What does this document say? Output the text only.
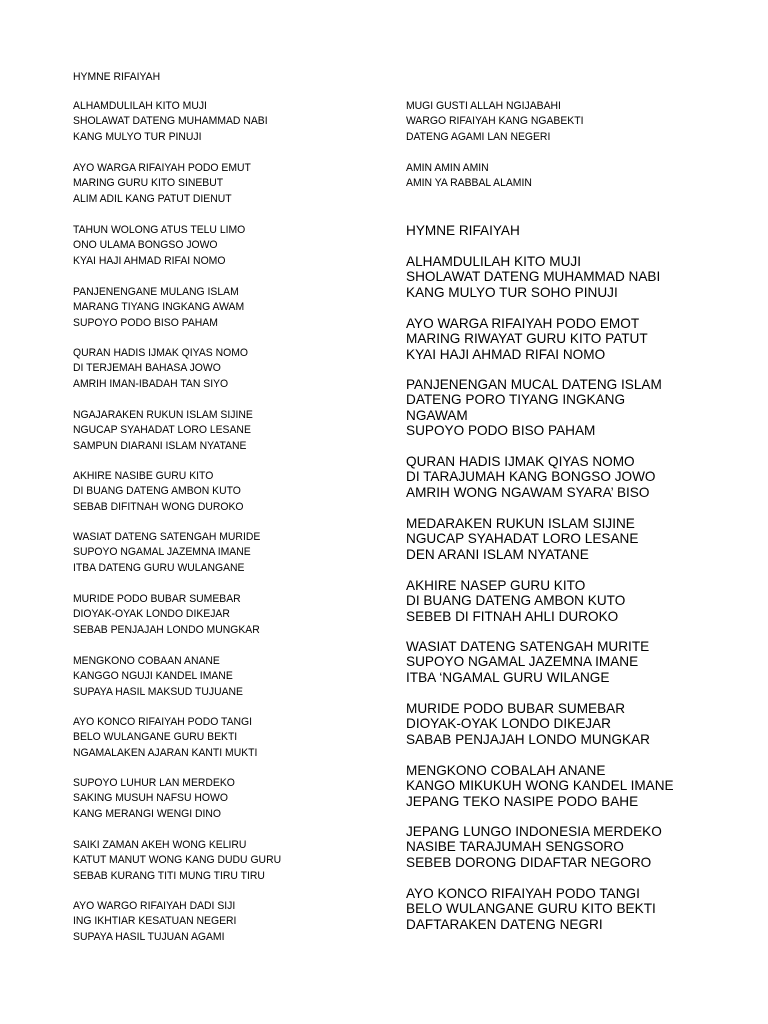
HYMNE RIFAIYAH
ALHAMDULILAH KITO MUJI
SHOLAWAT DATENG MUHAMMAD NABI
KANG MULYO TUR PINUJI
AYO WARGA RIFAIYAH PODO EMUT
MARING GURU KITO SINEBUT
ALIM ADIL KANG PATUT DIENUT
TAHUN WOLONG ATUS TELU LIMO
ONO ULAMA BONGSO JOWO
KYAI HAJI AHMAD RIFAI NOMO
PANJENENGANE MULANG ISLAM
MARANG TIYANG INGKANG AWAM
SUPOYO PODO BISO PAHAM
QURAN HADIS IJMAK QIYAS NOMO
DI TERJEMAH BAHASA JOWO
AMRIH IMAN-IBADAH TAN SIYO
NGAJARAKEN RUKUN ISLAM SIJINE
NGUCAP SYAHADAT LORO LESANE
SAMPUN DIARANI ISLAM NYATANE
AKHIRE NASIBE GURU KITO
DI BUANG DATENG AMBON KUTO
SEBAB DIFITNAH WONG DUROKO
WASIAT DATENG SATENGAH MURIDE
SUPOYO NGAMAL JAZEMNA IMANE
ITBA DATENG GURU WULANGANE
MURIDE PODO BUBAR SUMEBAR
DIOYAK-OYAK LONDO DIKEJAR
SEBAB PENJAJAH LONDO MUNGKAR
MENGKONO COBAAN ANANE
KANGGO NGUJI KANDEL IMANE
SUPAYA HASIL MAKSUD TUJUANE
AYO KONCO RIFAIYAH PODO TANGI
BELO WULANGANE GURU BEKTI
NGAMALAKEN AJARAN KANTI MUKTI
SUPOYO LUHUR LAN MERDEKO
SAKING MUSUH NAFSU HOWO
KANG MERANGI WENGI DINO
SAIKI ZAMAN AKEH WONG KELIRU
KATUT MANUT WONG KANG DUDU GURU
SEBAB KURANG TITI MUNG TIRU TIRU
AYO WARGO RIFAIYAH DADI SIJI
ING IKHTIAR KESATUAN NEGERI
SUPAYA HASIL TUJUAN AGAMI
MUGI GUSTI ALLAH NGIJABAHI
WARGO RIFAIYAH KANG NGABEKTI
DATENG AGAMI LAN NEGERI
AMIN AMIN AMIN
AMIN YA RABBAL ALAMIN
HYMNE RIFAIYAH
ALHAMDULILAH KITO MUJI
SHOLAWAT DATENG MUHAMMAD NABI
KANG MULYO TUR SOHO PINUJI
AYO WARGA RIFAIYAH PODO EMOT
MARING RIWAYAT GURU KITO PATUT
KYAI HAJI AHMAD RIFAI NOMO
PANJENENGAN MUCAL DATENG ISLAM
DATENG PORO TIYANG INGKANG
NGAWAM
SUPOYO PODO BISO PAHAM
QURAN HADIS IJMAK QIYAS NOMO
DI TARAJUMAH KANG BONGSO JOWO
AMRIH WONG NGAWAM SYARA’ BISO
MEDARAKEN RUKUN ISLAM SIJINE
NGUCAP SYAHADAT LORO LESANE
DEN ARANI ISLAM NYATANE
AKHIRE NASEP GURU KITO
DI BUANG DATENG AMBON KUTO
SEBEB DI FITNAH AHLI DUROKO
WASIAT DATENG SATENGAH MURITE
SUPOYO NGAMAL JAZEMNA IMANE
ITBA ‘NGAMAL GURU WILANGE
MURIDE PODO BUBAR SUMEBAR
DIOYAK-OYAK LONDO DIKEJAR
SABAB PENJAJAH LONDO MUNGKAR
MENGKONO COBALAH ANANE
KANGO MIKUKUH WONG KANDEL IMANE
JEPANG TEKO NASIPE PODO BAHE
JEPANG LUNGO INDONESIA MERDEKO
NASIBE TARAJUMAH SENGSORO
SEBEB DORONG DIDAFTAR NEGORO
AYO KONCO RIFAIYAH PODO TANGI
BELO WULANGANE GURU KITO BEKTI
DAFTARAKEN DATENG NEGRI
